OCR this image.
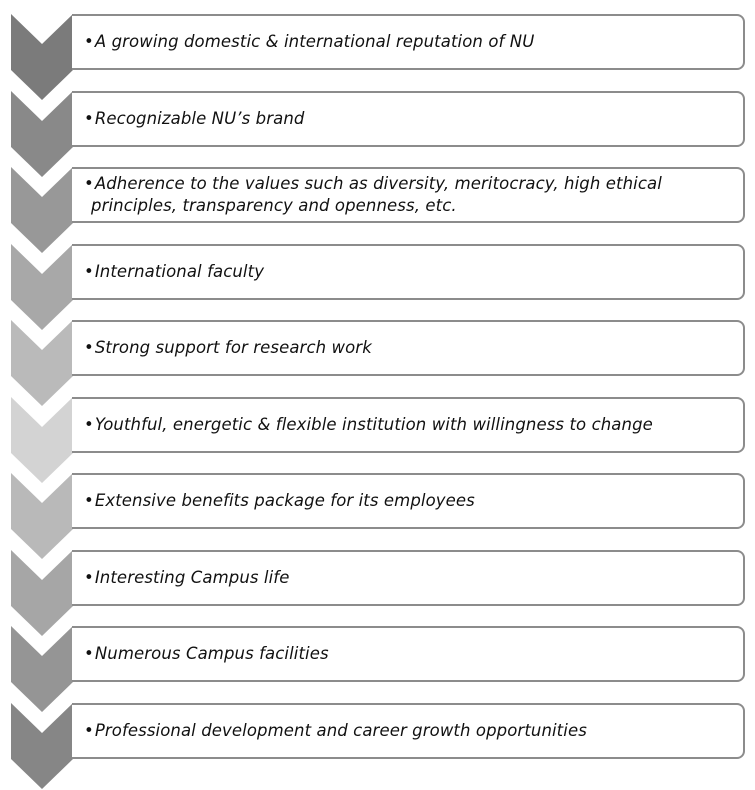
•A growing domestic & international reputation of NU
•Recognizable NU’s brand
•Adherence to the values such as diversity, meritocracy, high ethical principles, transparency and openness, etc.
•International faculty
•Strong support for research work
•Youthful, energetic & flexible institution with willingness to change
•Extensive benefits package for its employees
•Interesting Campus life
•Numerous Campus facilities
•Professional development and career growth opportunities
